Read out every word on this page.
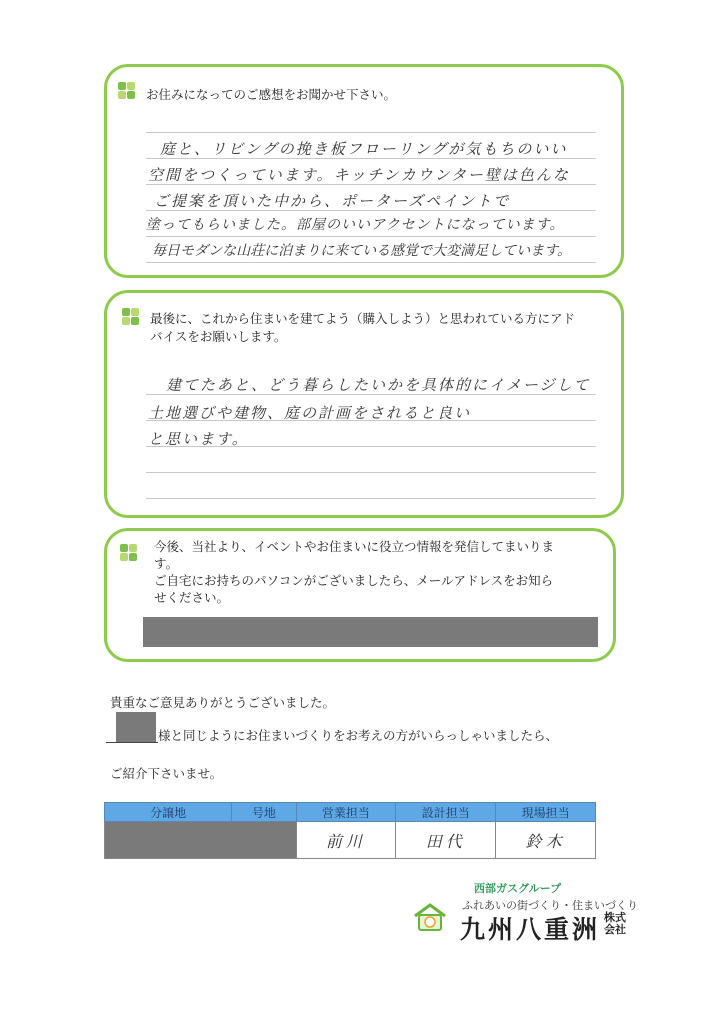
お住みになってのご感想をお聞かせ下さい。
庭と、リビングの挽き板フローリングが気もちのいい
空間をつくっています。キッチンカウンター壁は色んな
ご提案を頂いた中から、ポーターズペイントで
塗ってもらいました。部屋のいいアクセントになっています。
毎日モダンな山荘に泊まりに来ている感覚で大変満足しています。
最後に、これから住まいを建てよう（購入しよう）と思われている方にアド
バイスをお願いします。
建てたあと、どう暮らしたいかを具体的にイメージして
土地選びや建物、庭の計画をされると良い
と思います。
今後、当社より、イベントやお住まいに役立つ情報を発信してまいりま
す。
ご自宅にお持ちのパソコンがございましたら、メールアドレスをお知ら
せください。
貴重なご意見ありがとうございました。
様と同じようにお住まいづくりをお考えの方がいらっしゃいましたら、
ご紹介下さいませ。
分譲地	号地	営業担当	設計担当	現場担当
		前川	田代	鈴木
西部ガスグループ
ふれあいの街づくり・住まいづくり
九州八重洲 株式会社
